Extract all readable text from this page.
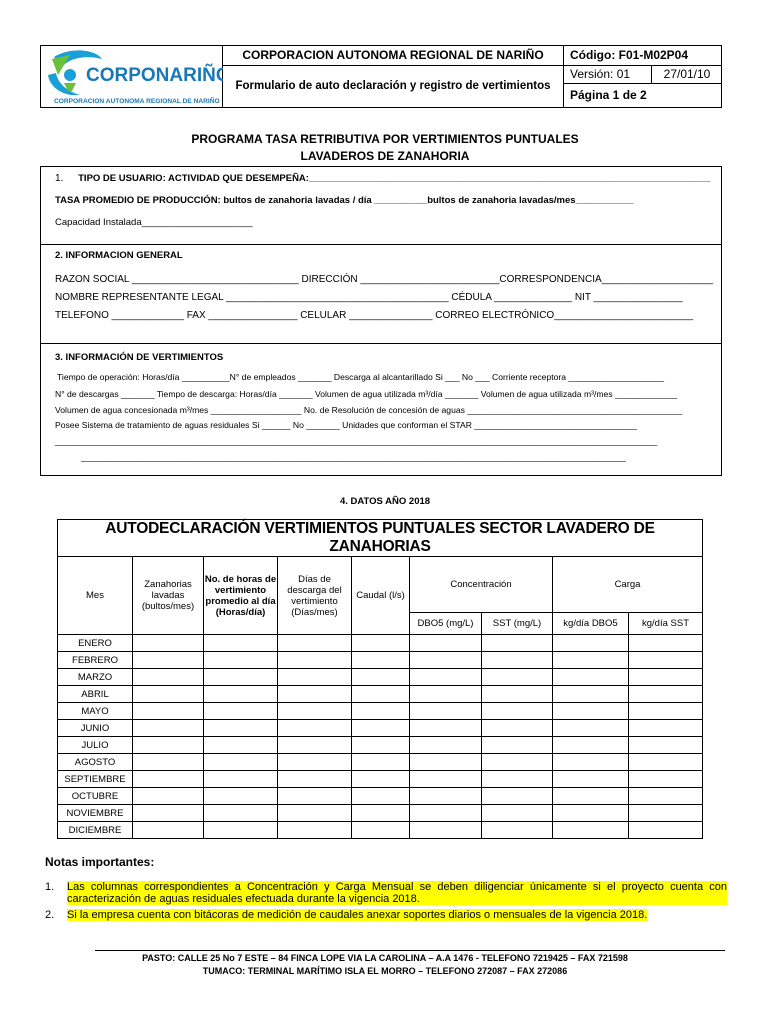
CORPONARIÑO
CORPORACION AUTONOMA REGIONAL DE NARIÑO
CORPORACION AUTONOMA REGIONAL DE NARIÑO
Formulario de auto declaración y registro de vertimientos
Código: F01-M02P04
Versión: 01	27/01/10
Página 1 de 2
PROGRAMA TASA RETRIBUTIVA POR VERTIMIENTOS PUNTUALES
LAVADEROS DE ZANAHORIA
1. TIPO DE USUARIO: ACTIVIDAD QUE DESEMPEÑA:____________________________________________________________________________
TASA PROMEDIO DE PRODUCCIÓN: bultos de zanahoria lavadas / día __________bultos de zanahoria lavadas/mes___________
Capacidad Instalada_____________________
2. INFORMACION GENERAL
RAZON SOCIAL ______________________________ DIRECCIÓN _________________________CORRESPONDENCIA____________________
NOMBRE REPRESENTANTE LEGAL ________________________________________ CÉDULA ______________ NIT ________________
TELEFONO _____________ FAX ________________ CELULAR _______________ CORREO ELECTRÓNICO_________________________
3. INFORMACIÓN DE VERTIMIENTOS
Tiempo de operación: Horas/día __________N° de empleados _______ Descarga al alcantarillado Si ___ No ___ Corriente receptora ____________________
N° de descargas _______ Tiempo de descarga: Horas/día _______ Volumen de agua utilizada m³/día _______ Volumen de agua utilizada m³/mes _____________
Volumen de agua concesionada m³/mes ___________________ No. de Resolución de concesión de aguas _____________________________________________
Posee Sistema de tratamiento de aguas residuales Si ______ No _______ Unidades que conforman el STAR __________________________________
______________________________________________________________________________________________________________________________
__________________________________________________________________________________________________________________
4. DATOS AÑO 2018
AUTODECLARACIÓN VERTIMIENTOS PUNTUALES SECTOR LAVADERO DE ZANAHORIAS								
Mes	Zanahorias lavadas (bultos/mes)	No. de horas de vertimiento promedio al día (Horas/día)	Días de descarga del vertimiento (Días/mes)	Caudal (l/s)	Concentración		Carga	
					DBO5 (mg/L)	SST (mg/L)	kg/día DBO5	kg/día SST
ENERO								
FEBRERO								
MARZO								
ABRIL								
MAYO								
JUNIO								
JULIO								
AGOSTO								
SEPTIEMBRE								
OCTUBRE								
NOVIEMBRE								
DICIEMBRE								
Notas importantes:
1. Las columnas correspondientes a Concentración y Carga Mensual se deben diligenciar únicamente si el proyecto cuenta con caracterización de aguas residuales efectuada durante la vigencia 2018.
2. Si la empresa cuenta con bitácoras de medición de caudales anexar soportes diarios o mensuales de la vigencia 2018.
PASTO: CALLE 25 No 7 ESTE – 84 FINCA LOPE VIA LA CAROLINA – A.A 1476 - TELEFONO 7219425 – FAX 721598
TUMACO: TERMINAL MARÍTIMO ISLA EL MORRO – TELEFONO 272087 – FAX 272086
